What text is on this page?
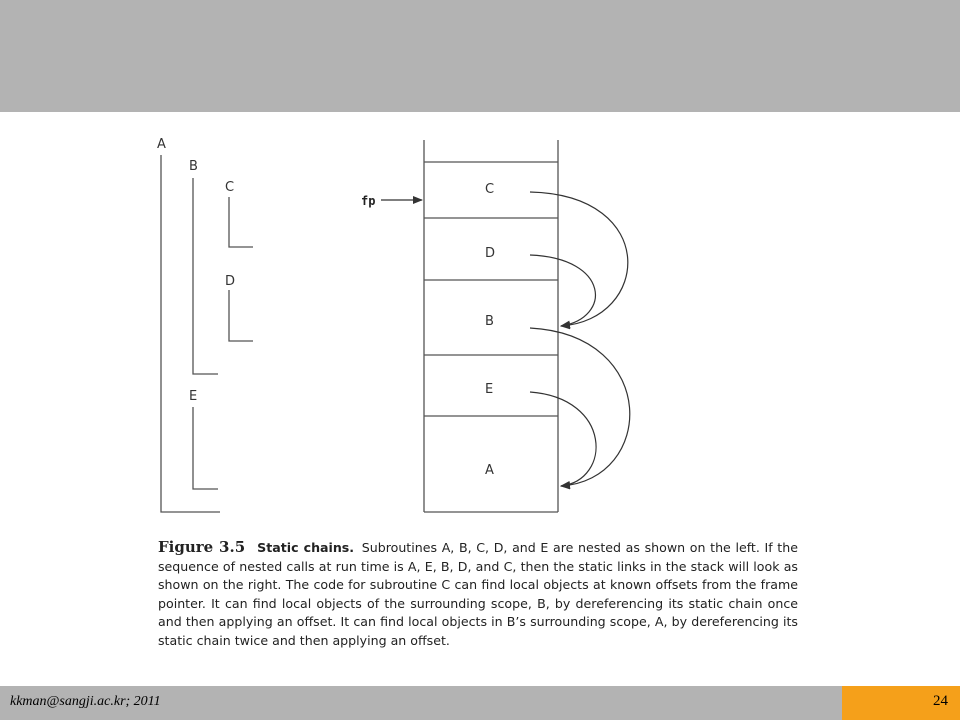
A
B
C
D
E
C
D
B
E
A
fp
Figure 3.5 Static chains. Subroutines A, B, C, D, and E are nested as shown on the left. If the sequence of nested calls at run time is A, E, B, D, and C, then the static links in the stack will look as shown on the right. The code for subroutine C can find local objects at known offsets from the frame pointer. It can find local objects of the surrounding scope, B, by dereferencing its static chain once and then applying an offset. It can find local objects in B’s surrounding scope, A, by dereferencing its static chain twice and then applying an offset.
kkman@sangji.ac.kr; 2011	24
